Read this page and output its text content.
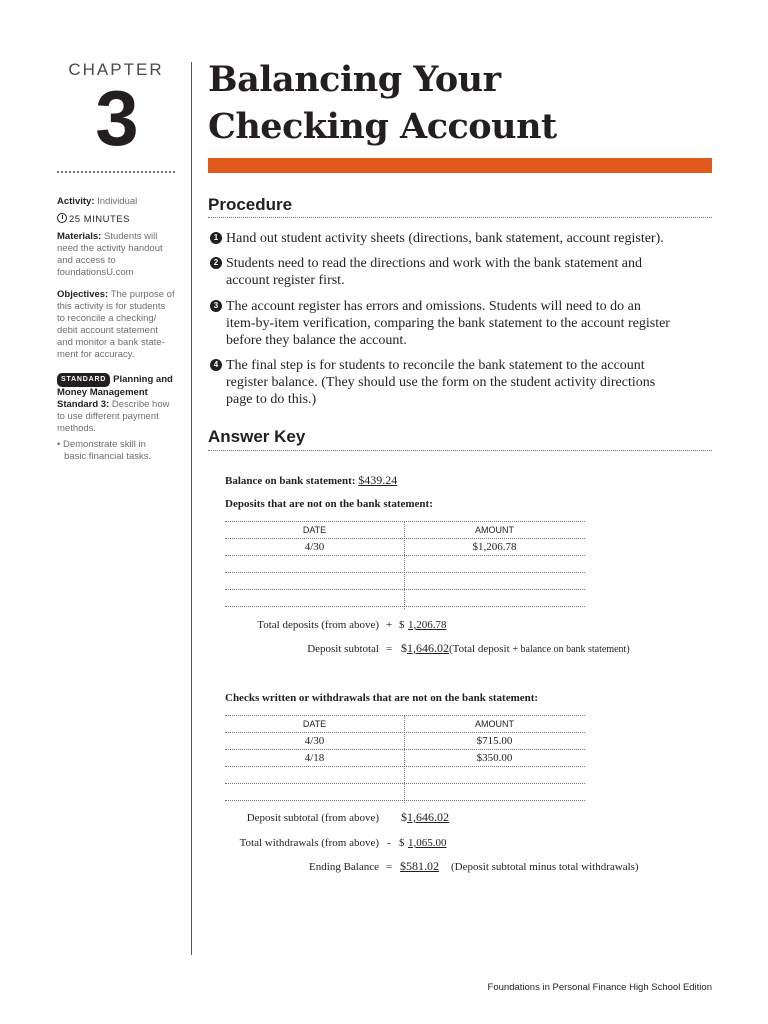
CHAPTER
3
Activity: Individual
25 MINUTES
Materials: Students will
need the activity handout
and access to
foundationsU.com
Objectives: The purpose of
this activity is for students
to reconcile a checking/
debit account statement
and monitor a bank state-
ment for accuracy.
STANDARD Planning and
Money Management
Standard 3: Describe how
to use different payment
methods.
• Demonstrate skill in
basic financial tasks.
Balancing Your
Checking Account
Procedure
1 Hand out student activity sheets (directions, bank statement, account register).
2 Students need to read the directions and work with the bank statement and
account register first.
3 The account register has errors and omissions. Students will need to do an
item-by-item verification, comparing the bank statement to the account register
before they balance the account.
4 The final step is for students to reconcile the bank statement to the account
register balance. (They should use the form on the student activity directions
page to do this.)
Answer Key
Balance on bank statement: $439.24
Deposits that are not on the bank statement:
DATE	AMOUNT
4/30	$1,206.78
Total deposits (from above) + $ 1,206.78
Deposit subtotal = $1,646.02(Total deposit + balance on bank statement)
Checks written or withdrawals that are not on the bank statement:
DATE	AMOUNT
4/30	$715.00
4/18	$350.00
Deposit subtotal (from above) $1,646.02
Total withdrawals (from above) - $ 1,065.00
Ending Balance = $581.02 (Deposit subtotal minus total withdrawals)
Foundations in Personal Finance High School Edition
